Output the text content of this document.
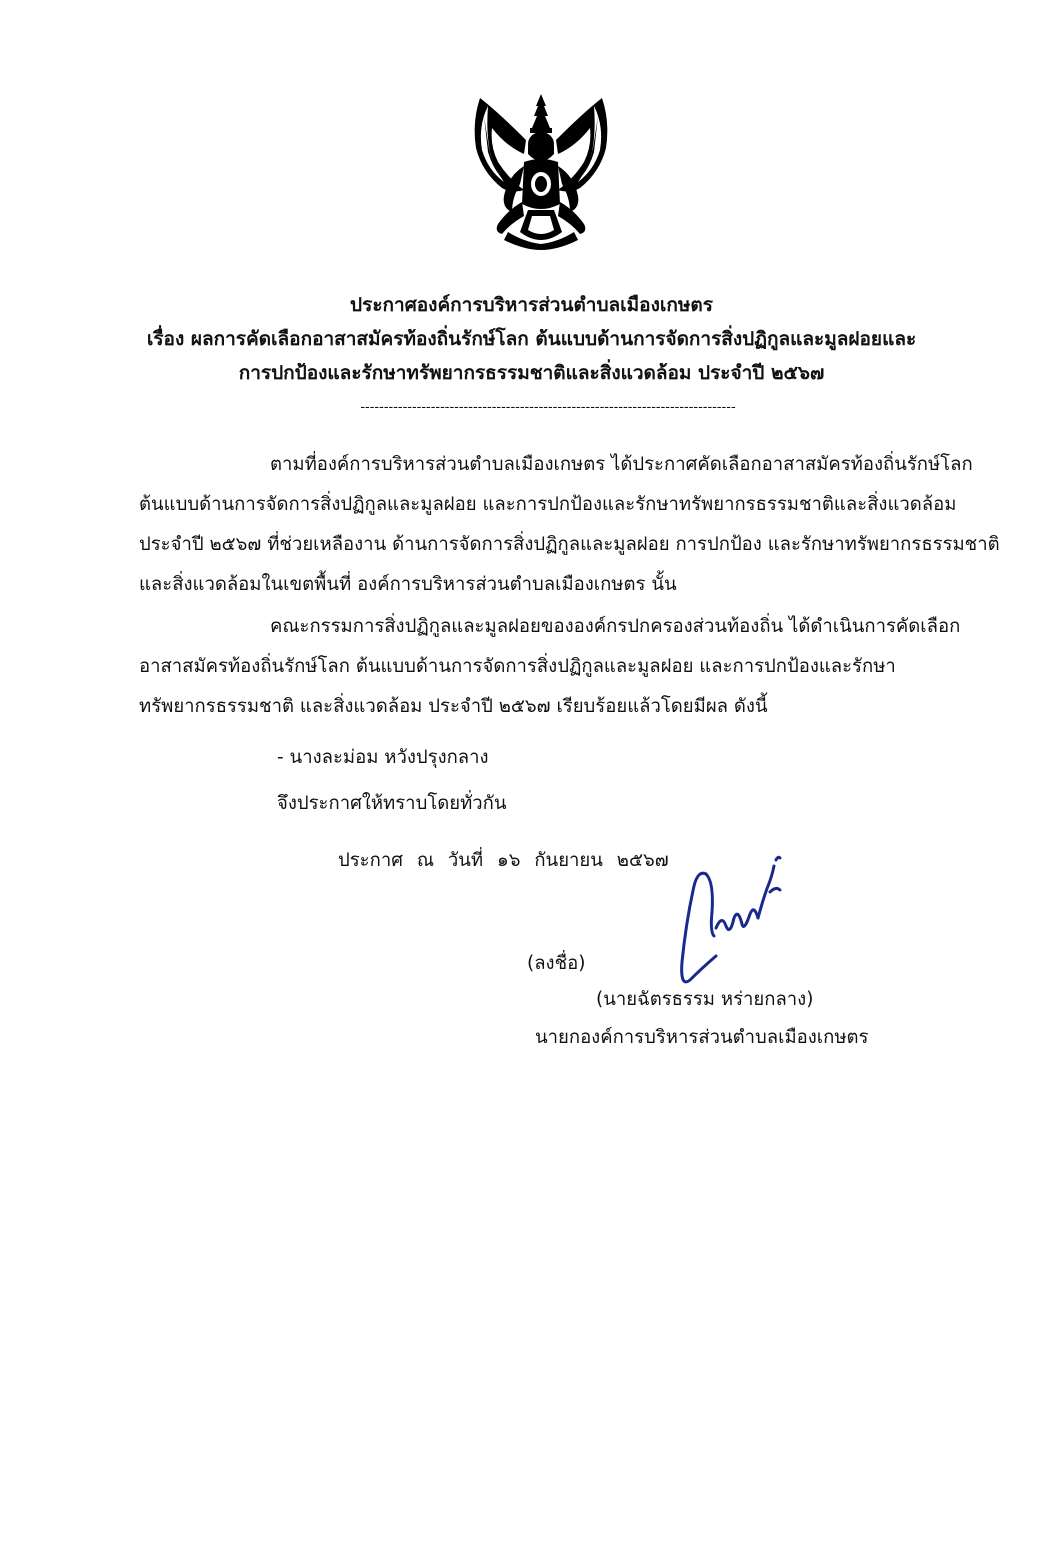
ประกาศองค์การบริหารส่วนตำบลเมืองเกษตร
เรื่อง ผลการคัดเลือกอาสาสมัครท้องถิ่นรักษ์โลก ต้นแบบด้านการจัดการสิ่งปฏิกูลและมูลฝอยและ
การปกป้องและรักษาทรัพยากรธรรมชาติและสิ่งแวดล้อม ประจำปี ๒๕๖๗
--------------------------------------------------------------------------------
ตามที่องค์การบริหารส่วนตำบลเมืองเกษตร ได้ประกาศคัดเลือกอาสาสมัครท้องถิ่นรักษ์โลก
ต้นแบบด้านการจัดการสิ่งปฏิกูลและมูลฝอย และการปกป้องและรักษาทรัพยากรธรรมชาติและสิ่งแวดล้อม
ประจำปี ๒๕๖๗ ที่ช่วยเหลืองาน ด้านการจัดการสิ่งปฏิกูลและมูลฝอย การปกป้อง และรักษาทรัพยากรธรรมชาติ
และสิ่งแวดล้อมในเขตพื้นที่ องค์การบริหารส่วนตำบลเมืองเกษตร นั้น
คณะกรรมการสิ่งปฏิกูลและมูลฝอยขององค์กรปกครองส่วนท้องถิ่น ได้ดำเนินการคัดเลือก
อาสาสมัครท้องถิ่นรักษ์โลก ต้นแบบด้านการจัดการสิ่งปฏิกูลและมูลฝอย และการปกป้องและรักษา
ทรัพยากรธรรมชาติ และสิ่งแวดล้อม ประจำปี ๒๕๖๗ เรียบร้อยแล้วโดยมีผล ดังนี้
- นางละม่อม หวังปรุงกลาง
จึงประกาศให้ทราบโดยทั่วกัน
ประกาศ ณ วันที่ ๑๖ กันยายน ๒๕๖๗
(ลงชื่อ)
(นายฉัตรธรรม หร่ายกลาง)
นายกองค์การบริหารส่วนตำบลเมืองเกษตร
